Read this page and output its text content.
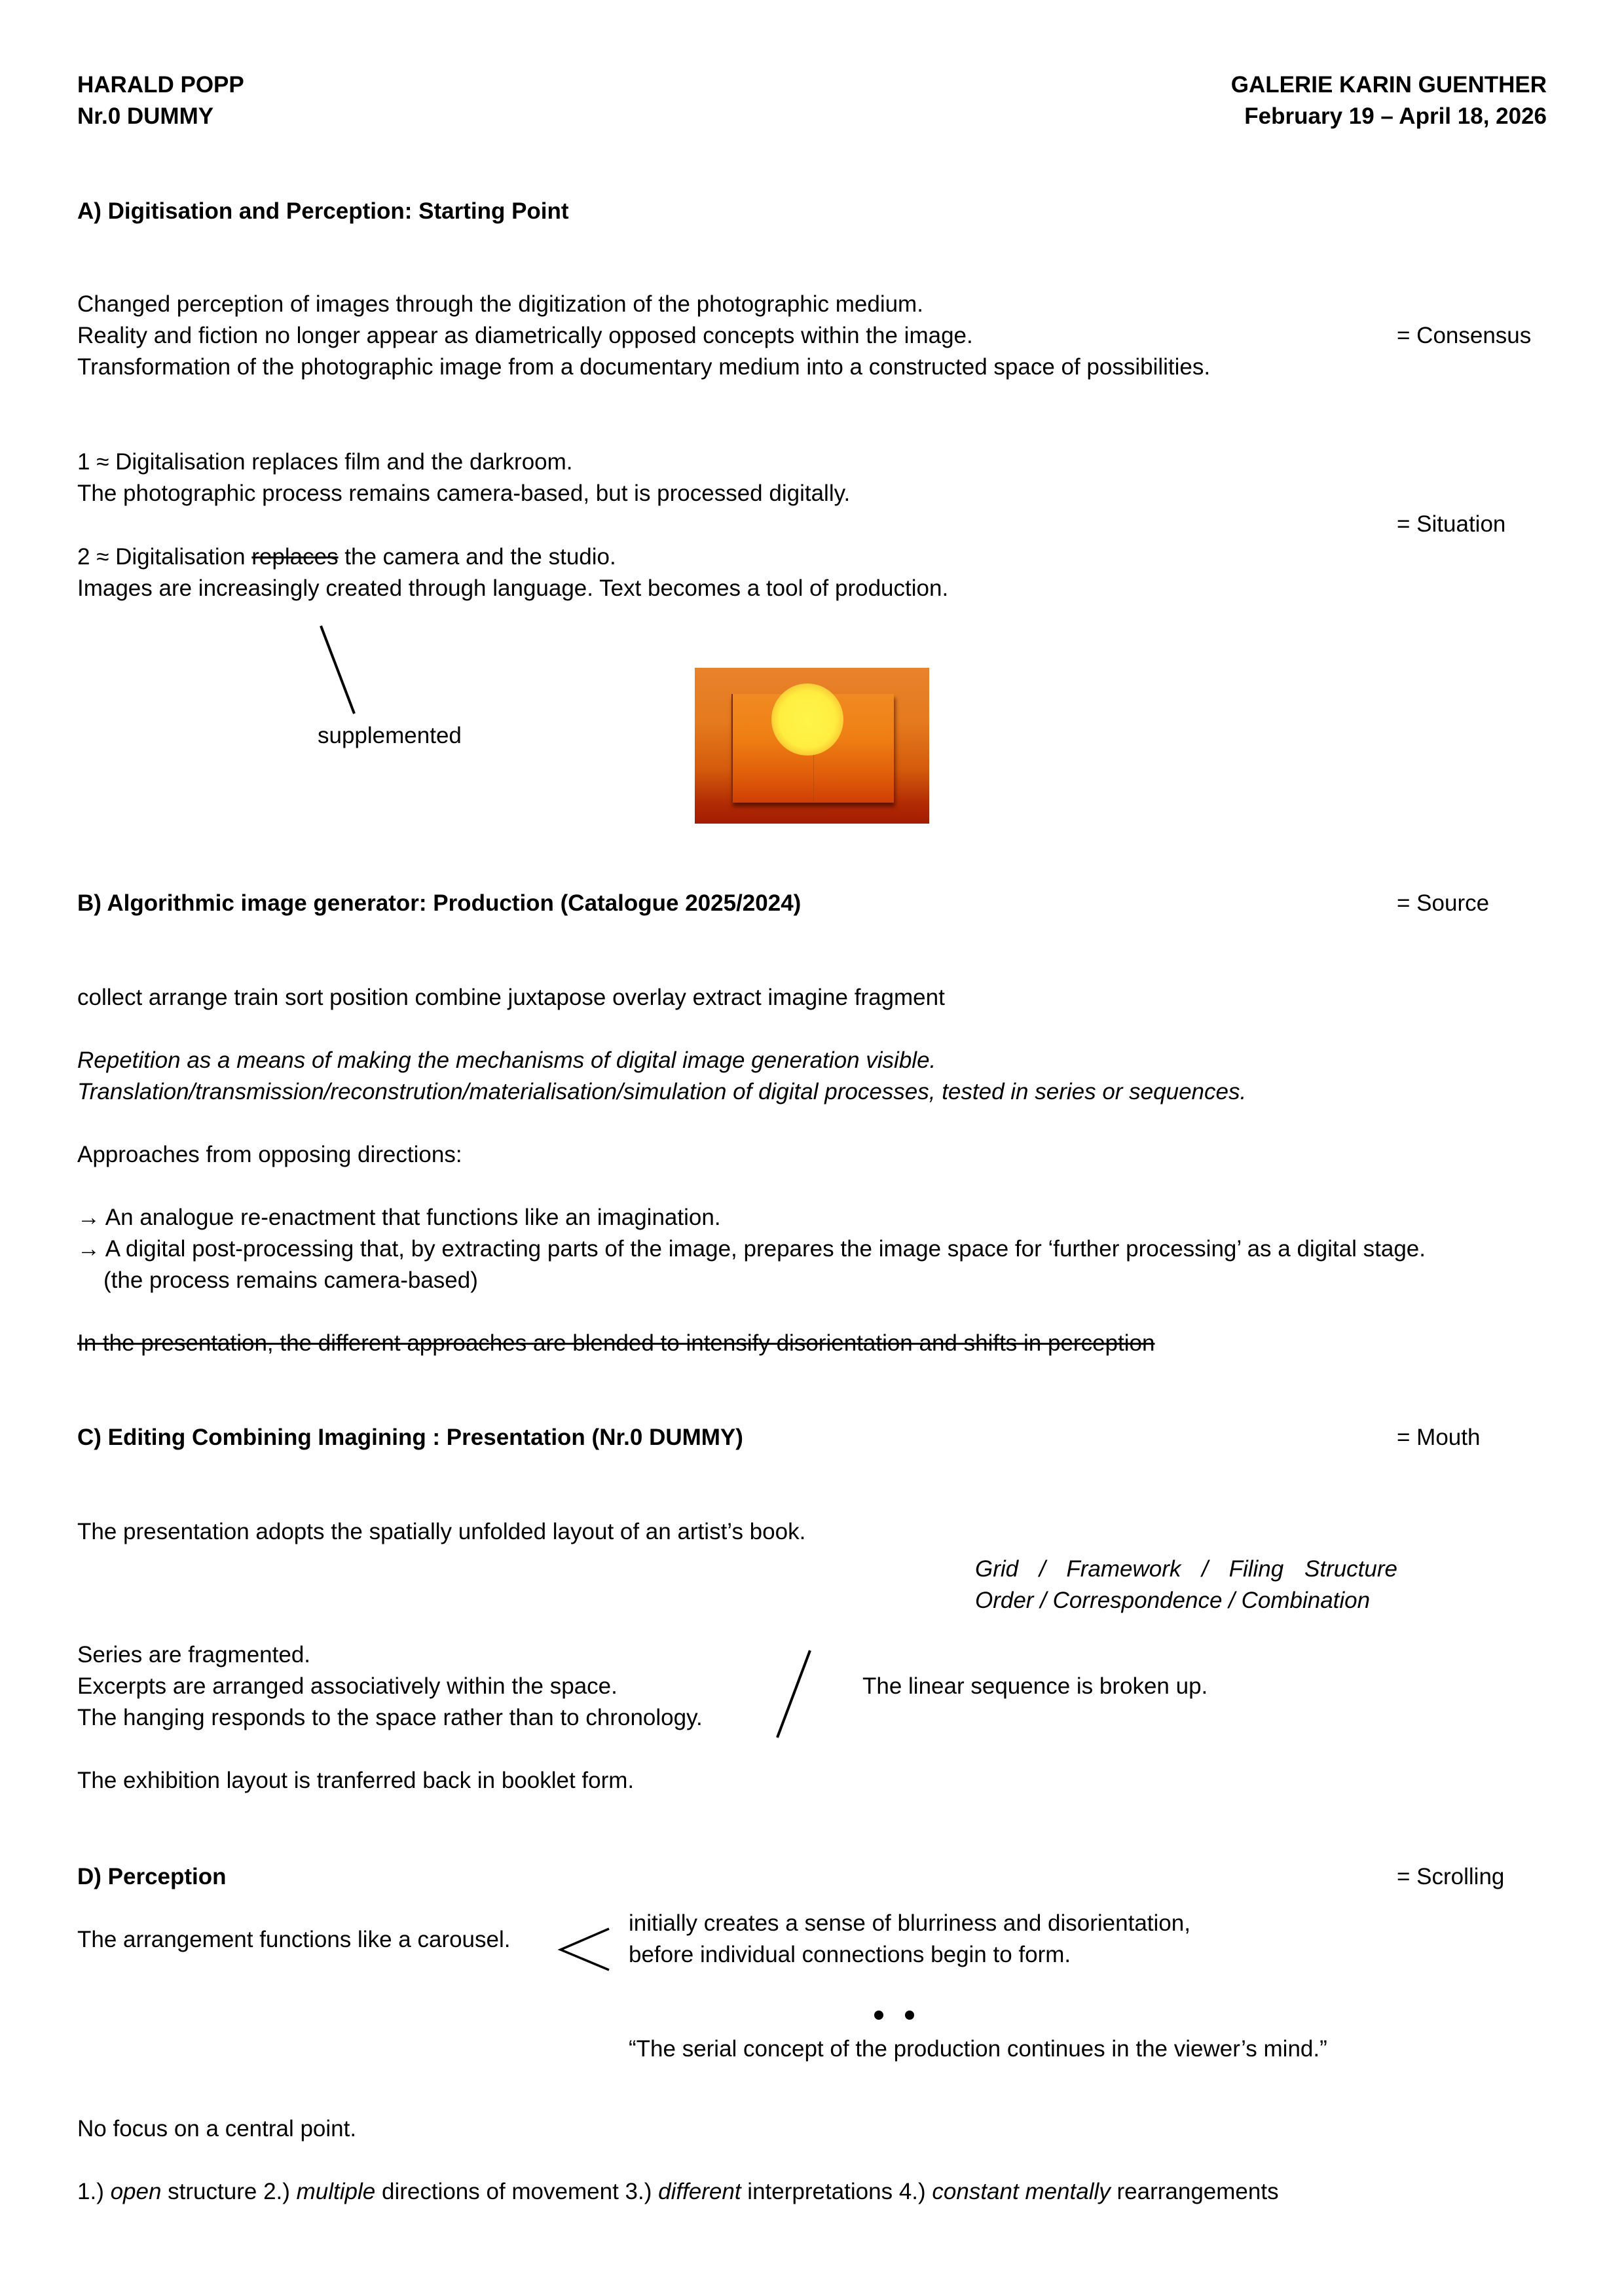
HARALD POPP
Nr.0 DUMMY
GALERIE KARIN GUENTHER
February 19 – April 18, 2026
A) Digitisation and Perception: Starting Point
Changed perception of images through the digitization of the photographic medium.
Reality and fiction no longer appear as diametrically opposed concepts within the image.
Transformation of the photographic image from a documentary medium into a constructed space of possibilities.
= Consensus
1 ≈ Digitalisation replaces film and the darkroom.
The photographic process remains camera-based, but is processed digitally.
= Situation
2 ≈ Digitalisation replaces the camera and the studio.
Images are increasingly created through language. Text becomes a tool of production.
supplemented
B) Algorithmic image generator: Production (Catalogue 2025/2024)	= Source
collect arrange train sort position combine juxtapose overlay extract imagine fragment
Repetition as a means of making the mechanisms of digital image generation visible.
Translation/transmission/reconstrution/materialisation/simulation of digital processes, tested in series or sequences.
Approaches from opposing directions:
→ An analogue re-enactment that functions like an imagination.
→ A digital post-processing that, by extracting parts of the image, prepares the image space for ‘further processing’ as a digital stage.
(the process remains camera-based)
In the presentation, the different approaches are blended to intensify disorientation and shifts in perception
C) Editing Combining Imagining : Presentation (Nr.0 DUMMY)	= Mouth
The presentation adopts the spatially unfolded layout of an artist’s book.
Grid  /  Framework  /  Filing  Structure
Order / Correspondence / Combination
Series are fragmented.
Excerpts are arranged associatively within the space.
The hanging responds to the space rather than to chronology.
The linear sequence is broken up.
The exhibition layout is tranferred back in booklet form.
D) Perception	= Scrolling
The arrangement functions like a carousel.
initially creates a sense of blurriness and disorientation,
before individual connections begin to form.
“The serial concept of the production continues in the viewer’s mind.”
No focus on a central point.
1.) open structure 2.) multiple directions of movement 3.) different interpretations 4.) constant mentally rearrangements
